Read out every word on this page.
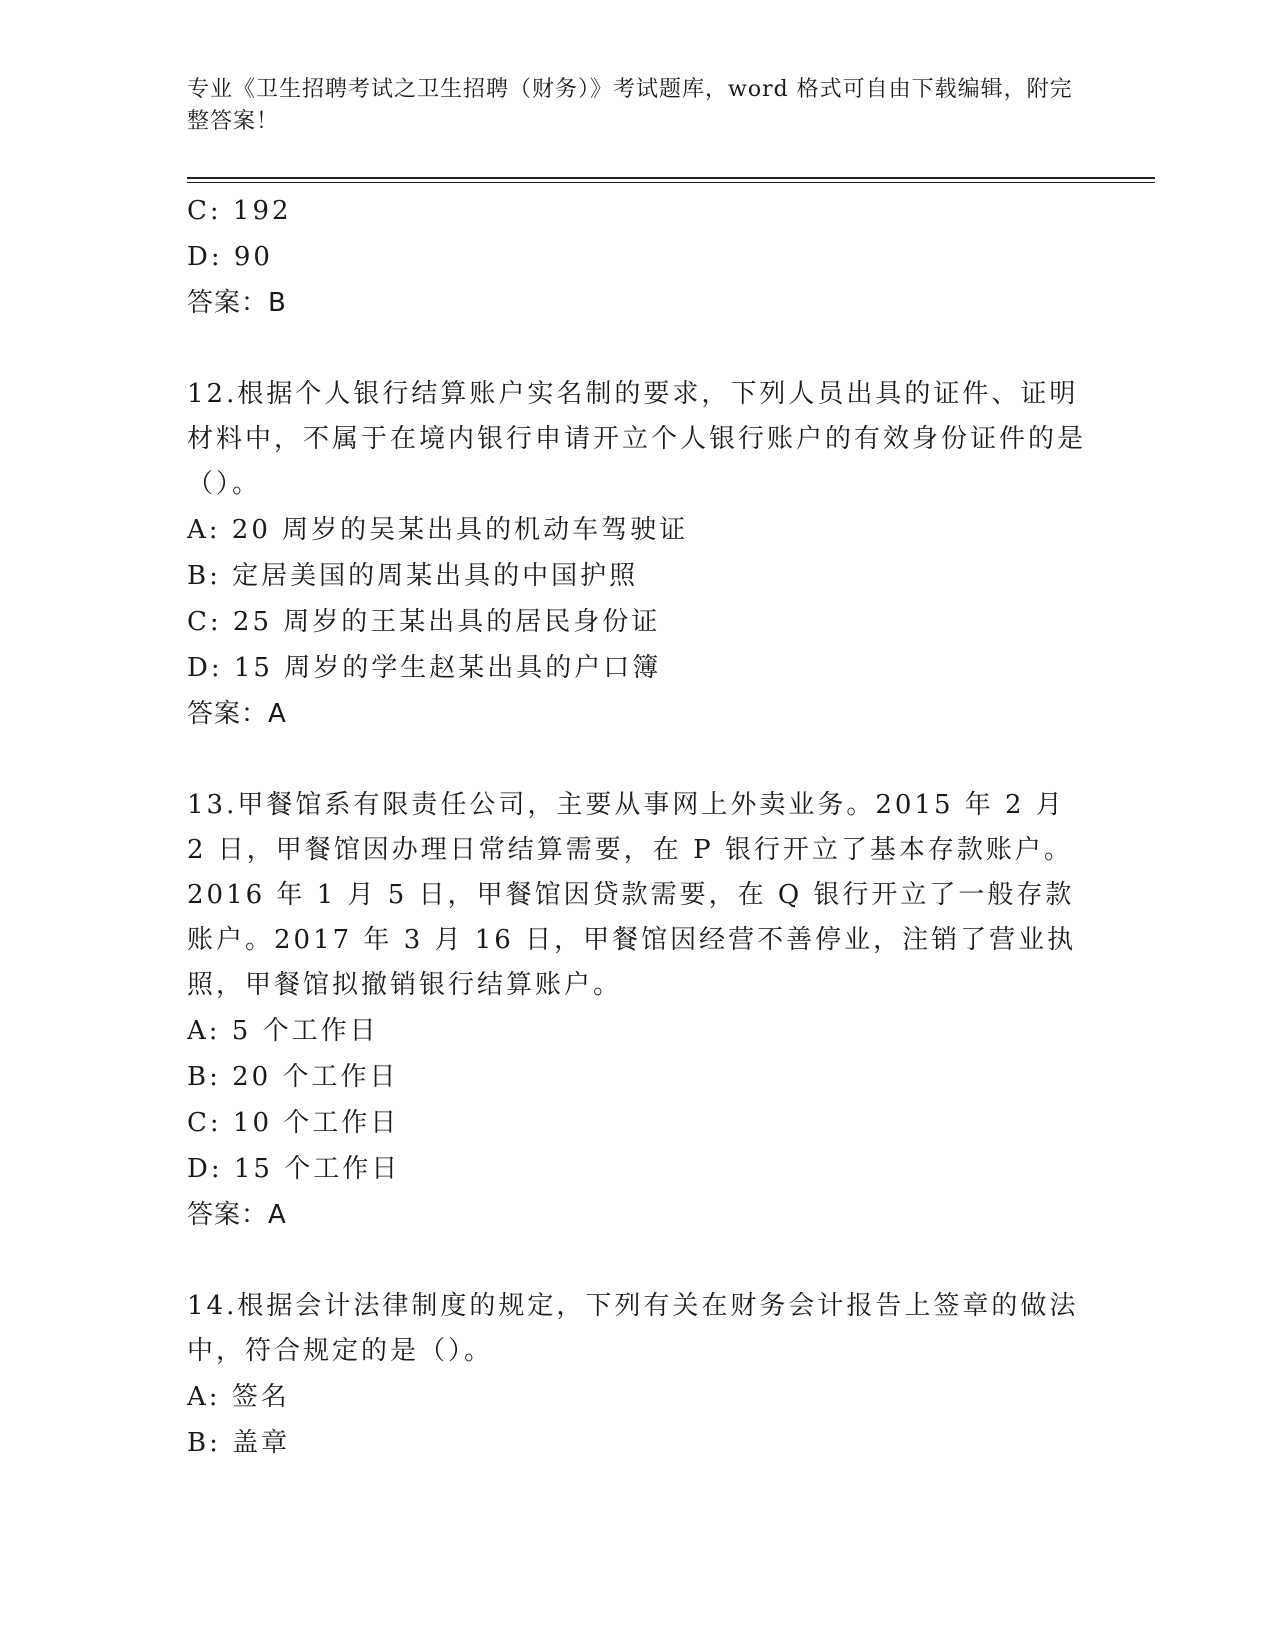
专业《卫生招聘考试之卫生招聘（财务）》考试题库，word 格式可自由下载编辑，附完整答案！
C: 192
D: 90
答案：B
12.根据个人银行结算账户实名制的要求，下列人员出具的证件、证明材料中，不属于在境内银行申请开立个人银行账户的有效身份证件的是（）。
A: 20 周岁的吴某出具的机动车驾驶证
B: 定居美国的周某出具的中国护照
C: 25 周岁的王某出具的居民身份证
D: 15 周岁的学生赵某出具的户口簿
答案：A
13.甲餐馆系有限责任公司，主要从事网上外卖业务。2015 年 2 月 2 日，甲餐馆因办理日常结算需要，在 P 银行开立了基本存款账户。2016 年 1 月 5 日，甲餐馆因贷款需要，在 Q 银行开立了一般存款账户。2017 年 3 月 16 日，甲餐馆因经营不善停业，注销了营业执照，甲餐馆拟撤销银行结算账户。
A: 5 个工作日
B: 20 个工作日
C: 10 个工作日
D: 15 个工作日
答案：A
14.根据会计法律制度的规定，下列有关在财务会计报告上签章的做法中，符合规定的是（）。
A: 签名
B: 盖章
